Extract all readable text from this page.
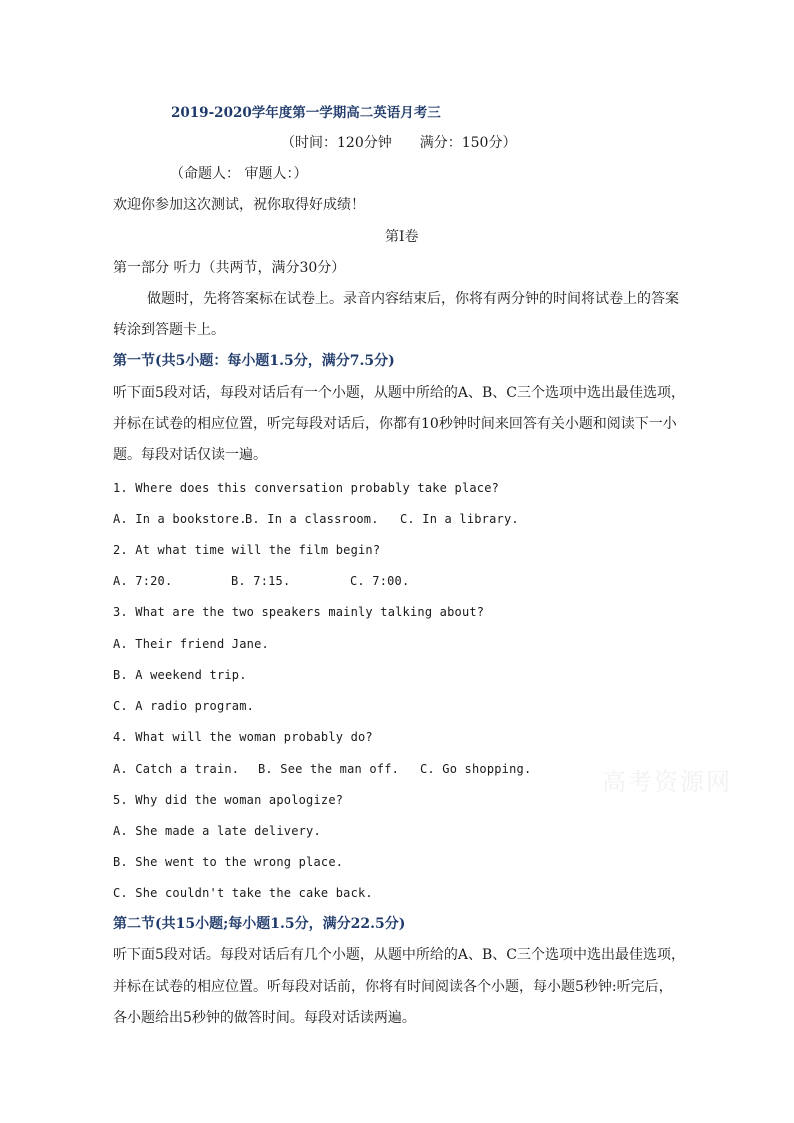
2019-2020学年度第一学期高二英语月考三
（时间：120分钟　　满分：150分）
（命题人： 审题人：）
欢迎你参加这次测试，祝你取得好成绩！
第I卷
第一部分 听力（共两节，满分30分）
做题时，先将答案标在试卷上。录音内容结束后，你将有两分钟的时间将试卷上的答案
转涂到答题卡上。
第一节(共5小题：每小题1.5分，满分7.5分)
听下面5段对话，每段对话后有一个小题，从题中所给的A、B、C三个选项中选出最佳选项，
并标在试卷的相应位置，听完每段对话后，你都有10秒钟时间来回答有关小题和阅读下一小
题。每段对话仅读一遍。
1. Where does this conversation probably take place?
A. In a bookstore.B. In a classroom. C. In a library.
2. At what time will the film begin?
A. 7:20.	B. 7:15.	C. 7:00.
3. What are the two speakers mainly talking about?
A. Their friend Jane.
B. A weekend trip.
C. A radio program.
4. What will the woman probably do?
A. Catch a train. B. See the man off. C. Go shopping.
5. Why did the woman apologize?
A. She made a late delivery.
B. She went to the wrong place.
C. She couldn't take the cake back.
第二节(共15小题;每小题1.5分，满分22.5分)
听下面5段对话。每段对话后有几个小题，从题中所给的A、B、C三个选项中选出最佳选项，
并标在试卷的相应位置。听每段对话前，你将有时间阅读各个小题，每小题5秒钟:听完后，
各小题给出5秒钟的做答时间。每段对话读两遍。
高考资源网
